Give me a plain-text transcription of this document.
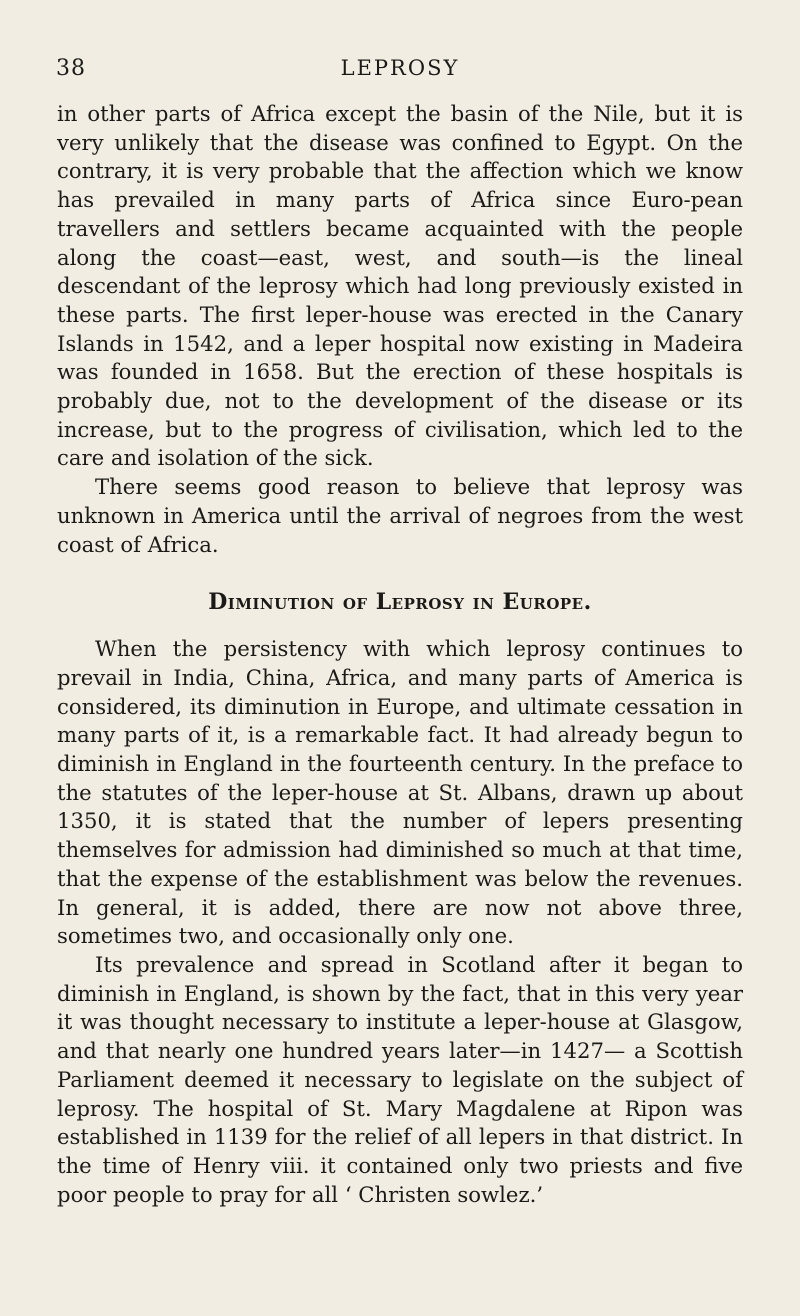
38	LEPROSY

in other parts of Africa except the basin of the Nile, but it is very unlikely that the disease was confined to Egypt. On the contrary, it is very probable that the affection which we know has prevailed in many parts of Africa since Euro-pean travellers and settlers became acquainted with the people along the coast—east, west, and south—is the lineal descendant of the leprosy which had long previously existed in these parts. The first leper-house was erected in the Canary Islands in 1542, and a leper hospital now existing in Madeira was founded in 1658. But the erection of these hospitals is probably due, not to the development of the disease or its increase, but to the progress of civilisation, which led to the care and isolation of the sick.

There seems good reason to believe that leprosy was unknown in America until the arrival of negroes from the west coast of Africa.

Diminution of Leprosy in Europe.

When the persistency with which leprosy continues to prevail in India, China, Africa, and many parts of America is considered, its diminution in Europe, and ultimate cessation in many parts of it, is a remarkable fact. It had already begun to diminish in England in the fourteenth century. In the preface to the statutes of the leper-house at St. Albans, drawn up about 1350, it is stated that the number of lepers presenting themselves for admission had diminished so much at that time, that the expense of the establishment was below the revenues. In general, it is added, there are now not above three, sometimes two, and occasionally only one.

Its prevalence and spread in Scotland after it began to diminish in England, is shown by the fact, that in this very year it was thought necessary to institute a leper-house at Glasgow, and that nearly one hundred years later—in 1427— a Scottish Parliament deemed it necessary to legislate on the subject of leprosy. The hospital of St. Mary Magdalene at Ripon was established in 1139 for the relief of all lepers in that district. In the time of Henry viii. it contained only two priests and five poor people to pray for all ‘ Christen sowlez.’
